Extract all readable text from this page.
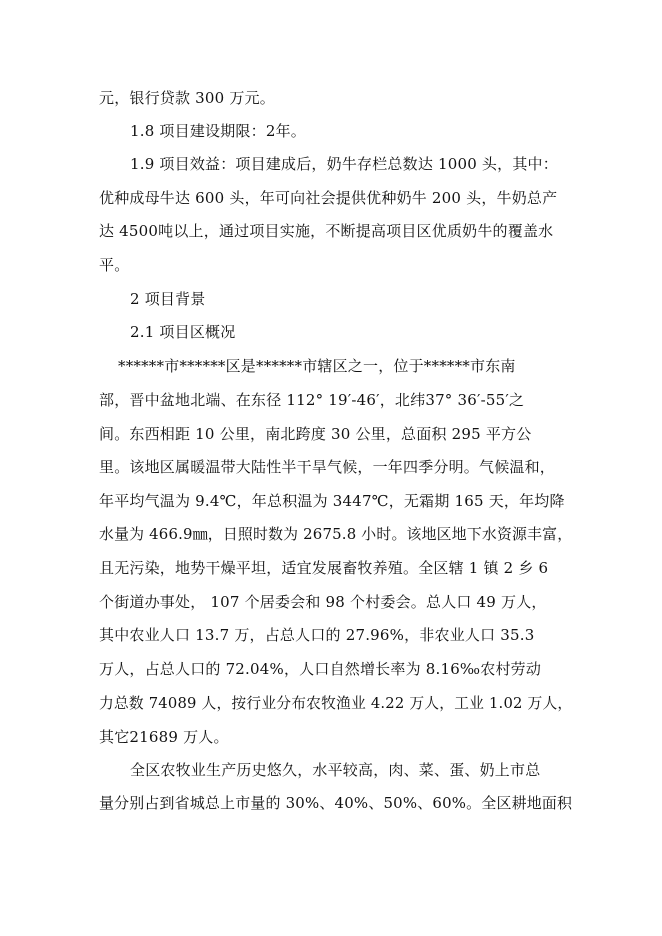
元，银行贷款 300 万元。
1.8 项目建设期限：2年。
1.9 项目效益：项目建成后，奶牛存栏总数达 1000 头，其中：
优种成母牛达 600 头，年可向社会提供优种奶牛 200 头，牛奶总产
达 4500吨以上，通过项目实施，不断提高项目区优质奶牛的覆盖水
平。
2 项目背景
2.1 项目区概况
******市******区是******市辖区之一，位于******市东南
部，晋中盆地北端、在东径 112° 19′-46′，北纬37° 36′-55′之
间。东西相距 10 公里，南北跨度 30 公里，总面积 295 平方公
里。该地区属暖温带大陆性半干旱气候，一年四季分明。气候温和，
年平均气温为 9.4℃，年总积温为 3447℃，无霜期 165 天，年均降
水量为 466.9㎜，日照时数为 2675.8 小时。该地区地下水资源丰富，
且无污染，地势干燥平坦，适宜发展畜牧养殖。全区辖 1 镇 2 乡 6
个街道办事处， 107 个居委会和 98 个村委会。总人口 49 万人，
其中农业人口 13.7 万，占总人口的 27.96%，非农业人口 35.3
万人，占总人口的 72.04%，人口自然增长率为 8.16‰农村劳动
力总数 74089 人，按行业分布农牧渔业 4.22 万人，工业 1.02 万人，
其它21689 万人。
全区农牧业生产历史悠久，水平较高，肉、菜、蛋、奶上市总
量分别占到省城总上市量的 30%、40%、50%、60%。全区耕地面积
